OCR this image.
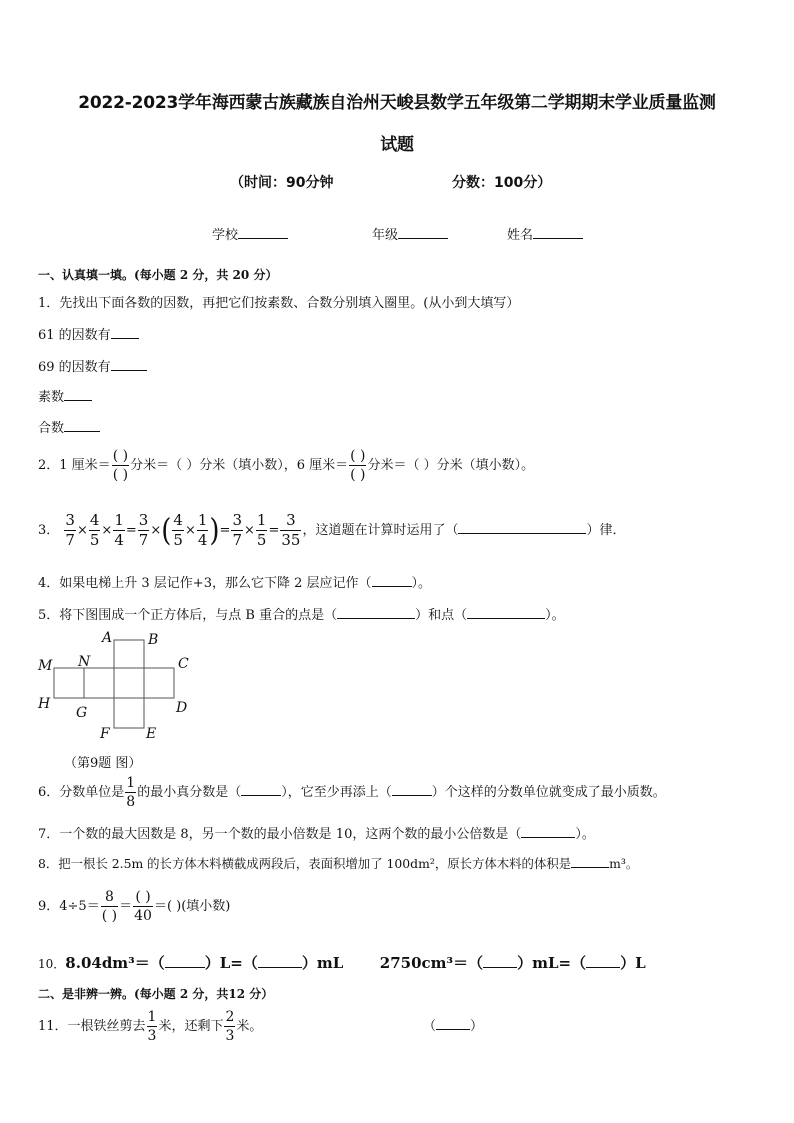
2022-2023学年海西蒙古族藏族自治州天峻县数学五年级第二学期期末学业质量监测
试题
（时间：90分钟	分数：100分）
学校	年级	姓名
一、认真填一填。(每小题 2 分，共 20 分）
1．先找出下面各数的因数，再把它们按素数、合数分别填入圈里。(从小到大填写）
61 的因数有
69 的因数有
素数
合数
2．1 厘米＝ $\frac{( )}{( )}$ 分米＝（ ）分米（填小数），6 厘米＝ $\frac{( )}{( )}$ 分米＝（ ）分米（填小数）。
3． $\frac{3}{7} \times \frac{4}{5} \times \frac{1}{4} = \frac{3}{7}$ ×( $\frac{4}{5} \times \frac{1}{4}$ )= $\frac{3}{7} \times \frac{1}{5} = \frac{3}{35}$ ，这道题在计算时运用了（	）律．
4．如果电梯上升 3 层记作+3，那么它下降 2 层应记作（	）。
5．将下图围成一个正方体后，与点 B 重合的点是（	）和点（	）。
A	B
M N	C
H
G	D
F	E
（第9题 图）
6．分数单位是 $\frac{1}{8}$ 的最小真分数是（	），它至少再添上（	）个这样的分数单位就变成了最小质数。
7．一个数的最大因数是 8，另一个数的最小倍数是 10，这两个数的最小公倍数是（	）。
8．把一根长 2.5m 的长方体木料横截成两段后，表面积增加了 100dm²，原长方体木料的体积是	m³。
9．$4\div 5= \frac{8}{( )} = \frac{( )}{40}$ ＝( )(填小数)
10．8.04dm³＝（	）L=（	）mL 2750cm³＝（ ）mL=（ ）L
二、是非辨一辨。(每小题 2 分，共12 分）
11．一根铁丝剪去 $\frac{1}{3}$ 米，还剩下 $\frac{2}{3}$ 米。	（	）
